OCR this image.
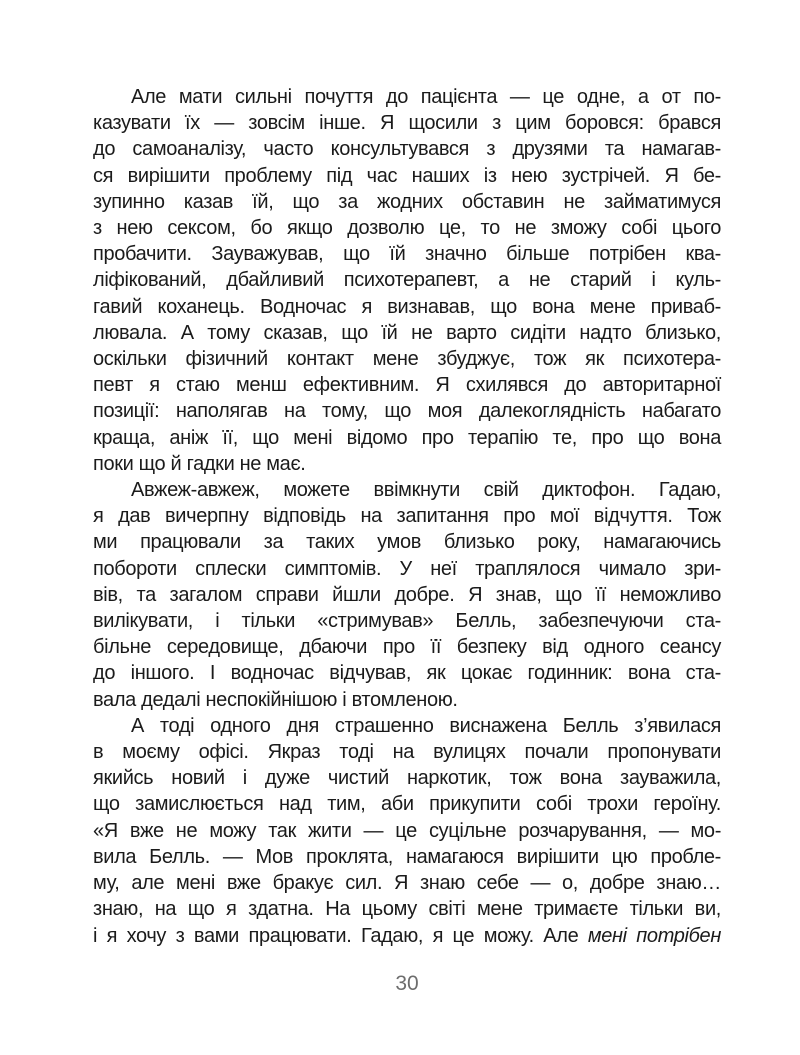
Але мати сильні почуття до пацієнта — це одне, а от по-
казувати їх — зовсім інше. Я щосили з цим боровся: брався
до самоаналізу, часто консультувався з друзями та намагав-
ся вирішити проблему під час наших із нею зустрічей. Я бе-
зупинно казав їй, що за жодних обставин не займатимуся
з нею сексом, бо якщо дозволю це, то не зможу собі цього
пробачити. Зауважував, що їй значно більше потрібен ква-
ліфікований, дбайливий психотерапевт, а не старий і куль-
гавий коханець. Водночас я визнавав, що вона мене приваб-
лювала. А тому сказав, що їй не варто сидіти надто близько,
оскільки фізичний контакт мене збуджує, тож як психотера-
певт я стаю менш ефективним. Я схилявся до авторитарної
позиції: наполягав на тому, що моя далекоглядність набагато
краща, аніж її, що мені відомо про терапію те, про що вона
поки що й гадки не має.

Авжеж-авжеж, можете ввімкнути свій диктофон. Гадаю,
я дав вичерпну відповідь на запитання про мої відчуття. Тож
ми працювали за таких умов близько року, намагаючись
побороти сплески симптомів. У неї траплялося чимало зри-
вів, та загалом справи йшли добре. Я знав, що її неможливо
вилікувати, і тільки «стримував» Белль, забезпечуючи ста-
більне середовище, дбаючи про її безпеку від одного сеансу
до іншого. І водночас відчував, як цокає годинник: вона ста-
вала дедалі неспокійнішою і втомленою.

А тоді одного дня страшенно виснажена Белль з’явилася
в моєму офісі. Якраз тоді на вулицях почали пропонувати
якийсь новий і дуже чистий наркотик, тож вона зауважила,
що замислюється над тим, аби прикупити собі трохи героїну.
«Я вже не можу так жити — це суцільне розчарування, — мо-
вила Белль. — Мов проклята, намагаюся вирішити цю пробле-
му, але мені вже бракує сил. Я знаю себе — о, добре знаю…
знаю, на що я здатна. На цьому світі мене тримаєте тільки ви,
і я хочу з вами працювати. Гадаю, я це можу. Але мені потрібен

30
